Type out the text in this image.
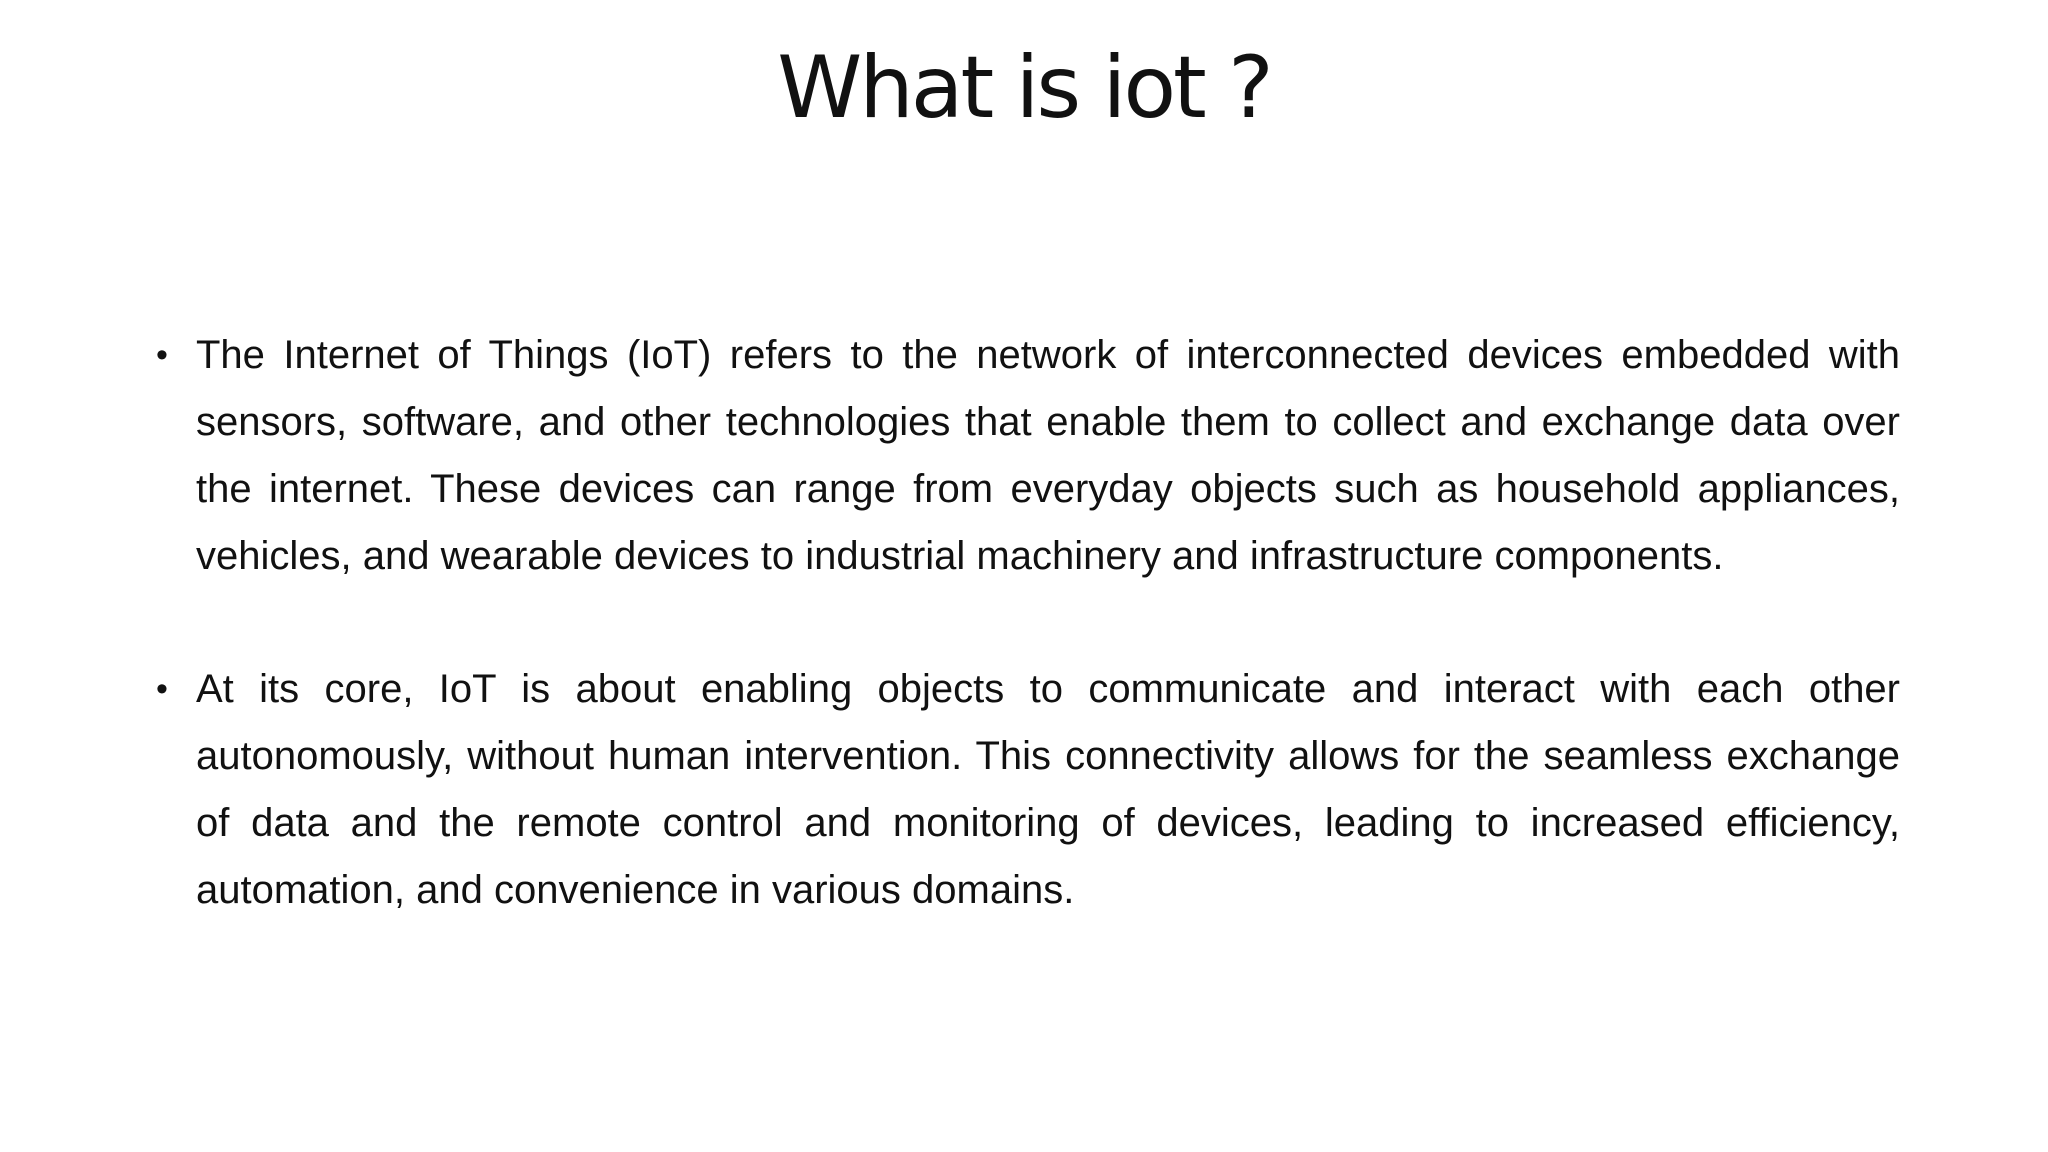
What is iot ?
• The Internet of Things (IoT) refers to the network of interconnected devices embedded with sensors, software, and other technologies that enable them to collect and exchange data over the internet. These devices can range from everyday objects such as household appliances, vehicles, and wearable devices to industrial machinery and infrastructure components.
• At its core, IoT is about enabling objects to communicate and interact with each other autonomously, without human intervention. This connectivity allows for the seamless exchange of data and the remote control and monitoring of devices, leading to increased efficiency, automation, and convenience in various domains.
